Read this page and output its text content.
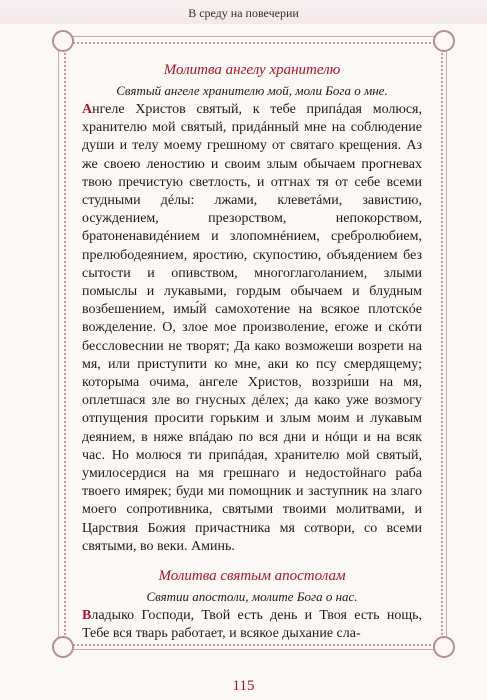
В среду на повечерии
Молитва ангелу хранителю
Святый ангеле хранителю мой, моли Бога о мне.

Ангеле Христов святый, к тебе припáдая молюся, хранителю мой святый, придáнный мне на соблюдение души и телу моему грешному от святаго крещения. Аз же своею леностию и своим злым обычаем прогневах твою пречистую светлость, и отгнах тя от себе всеми студными дéлы: лжами, клеветáми, завистию, осуждением, презорством, непокорством, братоненавидéнием и злопомнéнием, сребролюбием, прелюбодеянием, яростию, скупостию, объядением без сытости и опивством, многоглаголанием, злыми помыслы и лукавыми, гордым обычаем и блудным возбешением, имы́й самохотение на всякое плотскóе вожделение. О, злое мое произволение, егоже и скóти бессловеснии не творят; Да како возможеши возрети на мя, или приступити ко мне, аки ко псу смердящему; которыма очима, ангеле Христов, воззри́ши на мя, оплетшася зле во гнусных дéлех; да како уже возмогу отпущения просити горьким и злым моим и лукавым деянием, в няже впáдаю по вся дни и нóщи и на всяк час. Но молюся ти припáдая, хранителю мой святый, умилосердися на мя грешнаго и недостойнаго раба твоего имярек; буди ми помощник и заступник на злаго моего сопротивника, святыми твоими молитвами, и Царствия Божия причастника мя сотвори, со всеми святыми, во веки. Аминь.

Молитва святым апостолам
Святии апостоли, молите Бога о нас.

Владыко Господи, Твой есть день и Твоя есть нощь, Тебе вся тварь работает, и всякое дыхание сла-

115
